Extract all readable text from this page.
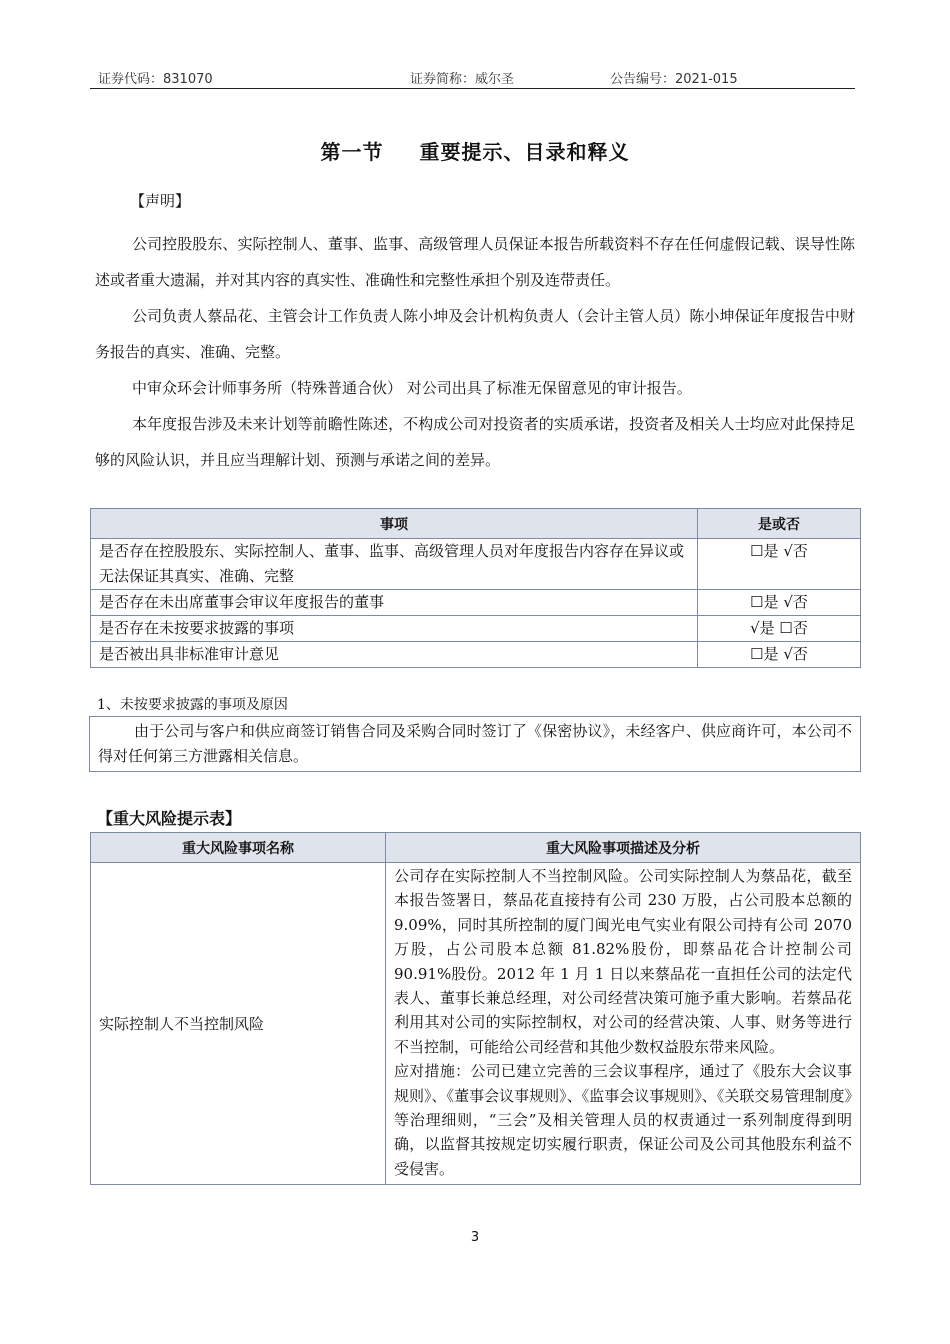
证券代码：831070	证券简称：威尔圣	公告编号：2021-015
第一节 重要提示、目录和释义
【声明】

公司控股股东、实际控制人、董事、监事、高级管理人员保证本报告所载资料不存在任何虚假记载、误导性陈述或者重大遗漏，并对其内容的真实性、准确性和完整性承担个别及连带责任。

公司负责人蔡品花、主管会计工作负责人陈小坤及会计机构负责人（会计主管人员）陈小坤保证年度报告中财务报告的真实、准确、完整。

中审众环会计师事务所（特殊普通合伙） 对公司出具了标准无保留意见的审计报告。

本年度报告涉及未来计划等前瞻性陈述，不构成公司对投资者的实质承诺，投资者及相关人士均应对此保持足够的风险认识，并且应当理解计划、预测与承诺之间的差异。

事项	是或否
是否存在控股股东、实际控制人、董事、监事、高级管理人员对年度报告内容存在异议或无法保证其真实、准确、完整	☐是 √否
是否存在未出席董事会审议年度报告的董事	☐是 √否
是否存在未按要求披露的事项	√是 ☐否
是否被出具非标准审计意见	☐是 √否
1、未按要求披露的事项及原因
由于公司与客户和供应商签订销售合同及采购合同时签订了《保密协议》，未经客户、供应商许可，本公司不得对任何第三方泄露相关信息。
【重大风险提示表】
重大风险事项名称	重大风险事项描述及分析
实际控制人不当控制风险	公司存在实际控制人不当控制风险。公司实际控制人为蔡品花，截至本报告签署日，蔡品花直接持有公司 230 万股，占公司股本总额的 9.09%，同时其所控制的厦门闽光电气实业有限公司持有公司 2070 万股，占公司股本总额 81.82%股份，即蔡品花合计控制公司 90.91%股份。2012 年 1 月 1 日以来蔡品花一直担任公司的法定代表人、董事长兼总经理，对公司经营决策可施予重大影响。若蔡品花利用其对公司的实际控制权，对公司的经营决策、人事、财务等进行不当控制，可能给公司经营和其他少数权益股东带来风险。
应对措施：公司已建立完善的三会议事程序，通过了《股东大会议事规则》、《董事会议事规则》、《监事会议事规则》、《关联交易管理制度》等治理细则，“三会”及相关管理人员的权责通过一系列制度得到明确，以监督其按规定切实履行职责，保证公司及公司其他股东利益不受侵害。
3
